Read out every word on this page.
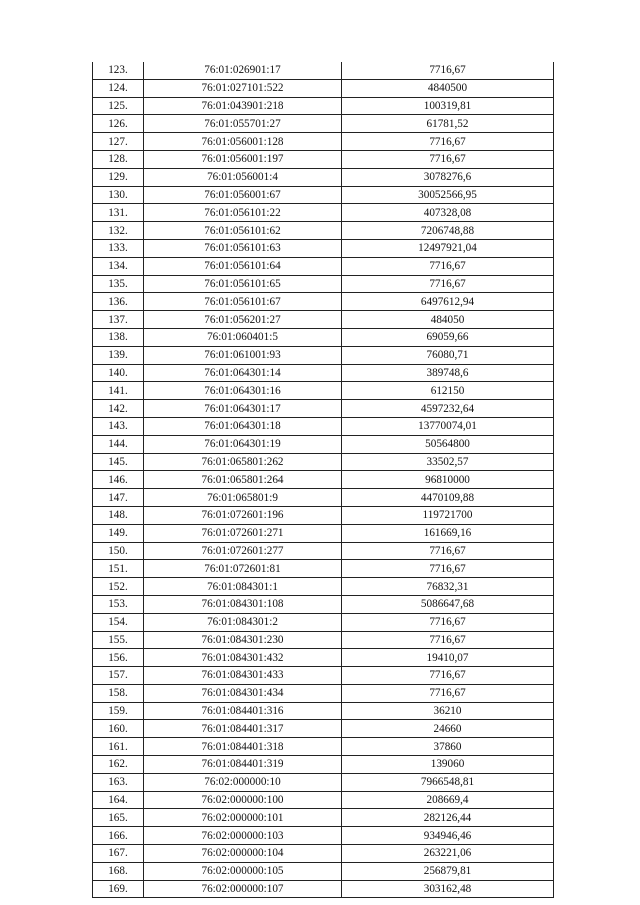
123.	76:01:026901:17	7716,67
124.	76:01:027101:522	4840500
125.	76:01:043901:218	100319,81
126.	76:01:055701:27	61781,52
127.	76:01:056001:128	7716,67
128.	76:01:056001:197	7716,67
129.	76:01:056001:4	3078276,6
130.	76:01:056001:67	30052566,95
131.	76:01:056101:22	407328,08
132.	76:01:056101:62	7206748,88
133.	76:01:056101:63	12497921,04
134.	76:01:056101:64	7716,67
135.	76:01:056101:65	7716,67
136.	76:01:056101:67	6497612,94
137.	76:01:056201:27	484050
138.	76:01:060401:5	69059,66
139.	76:01:061001:93	76080,71
140.	76:01:064301:14	389748,6
141.	76:01:064301:16	612150
142.	76:01:064301:17	4597232,64
143.	76:01:064301:18	13770074,01
144.	76:01:064301:19	50564800
145.	76:01:065801:262	33502,57
146.	76:01:065801:264	96810000
147.	76:01:065801:9	4470109,88
148.	76:01:072601:196	119721700
149.	76:01:072601:271	161669,16
150.	76:01:072601:277	7716,67
151.	76:01:072601:81	7716,67
152.	76:01:084301:1	76832,31
153.	76:01:084301:108	5086647,68
154.	76:01:084301:2	7716,67
155.	76:01:084301:230	7716,67
156.	76:01:084301:432	19410,07
157.	76:01:084301:433	7716,67
158.	76:01:084301:434	7716,67
159.	76:01:084401:316	36210
160.	76:01:084401:317	24660
161.	76:01:084401:318	37860
162.	76:01:084401:319	139060
163.	76:02:000000:10	7966548,81
164.	76:02:000000:100	208669,4
165.	76:02:000000:101	282126,44
166.	76:02:000000:103	934946,46
167.	76:02:000000:104	263221,06
168.	76:02:000000:105	256879,81
169.	76:02:000000:107	303162,48
